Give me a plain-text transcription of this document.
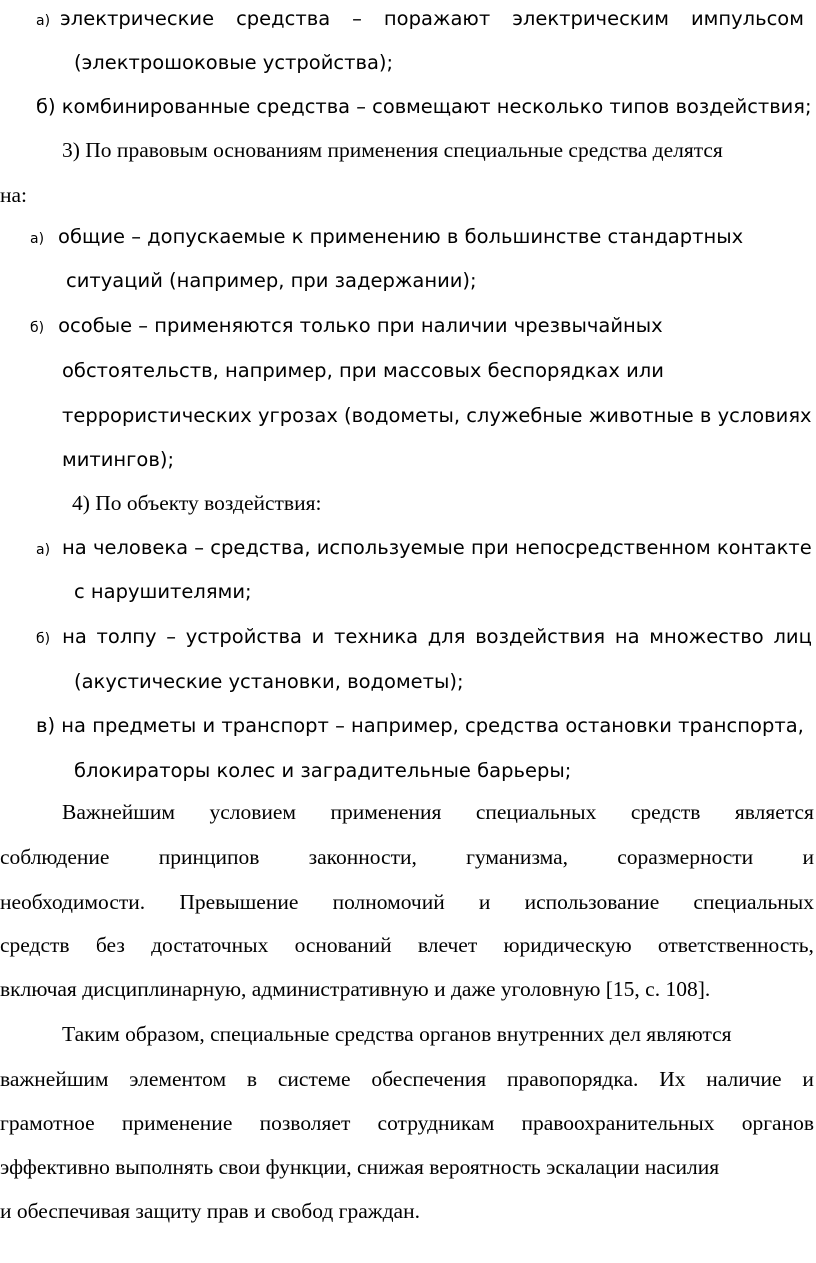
а) электрические средства – поражают электрическим импульсом
(электрошоковые устройства);
б) комбинированные средства – совмещают несколько типов воздействия;
3) По правовым основаниям применения специальные средства делятся
на:
а) общие – допускаемые к применению в большинстве стандартных
ситуаций (например, при задержании);
б) особые – применяются только при наличии чрезвычайных
обстоятельств, например, при массовых беспорядках или
террористических угрозах (водометы, служебные животные в условиях
митингов);
4) По объекту воздействия:
а) на человека – средства, используемые при непосредственном контакте
с нарушителями;
б) на толпу – устройства и техника для воздействия на множество лиц
(акустические установки, водометы);
в) на предметы и транспорт – например, средства остановки транспорта,
блокираторы колес и заградительные барьеры;
Важнейшим условием применения специальных средств является
соблюдение принципов законности, гуманизма, соразмерности и
необходимости. Превышение полномочий и использование специальных
средств без достаточных оснований влечет юридическую ответственность,
включая дисциплинарную, административную и даже уголовную [15, с. 108].
Таким образом, специальные средства органов внутренних дел являются
важнейшим элементом в системе обеспечения правопорядка. Их наличие и
грамотное применение позволяет сотрудникам правоохранительных органов
эффективно выполнять свои функции, снижая вероятность эскалации насилия
и обеспечивая защиту прав и свобод граждан.
